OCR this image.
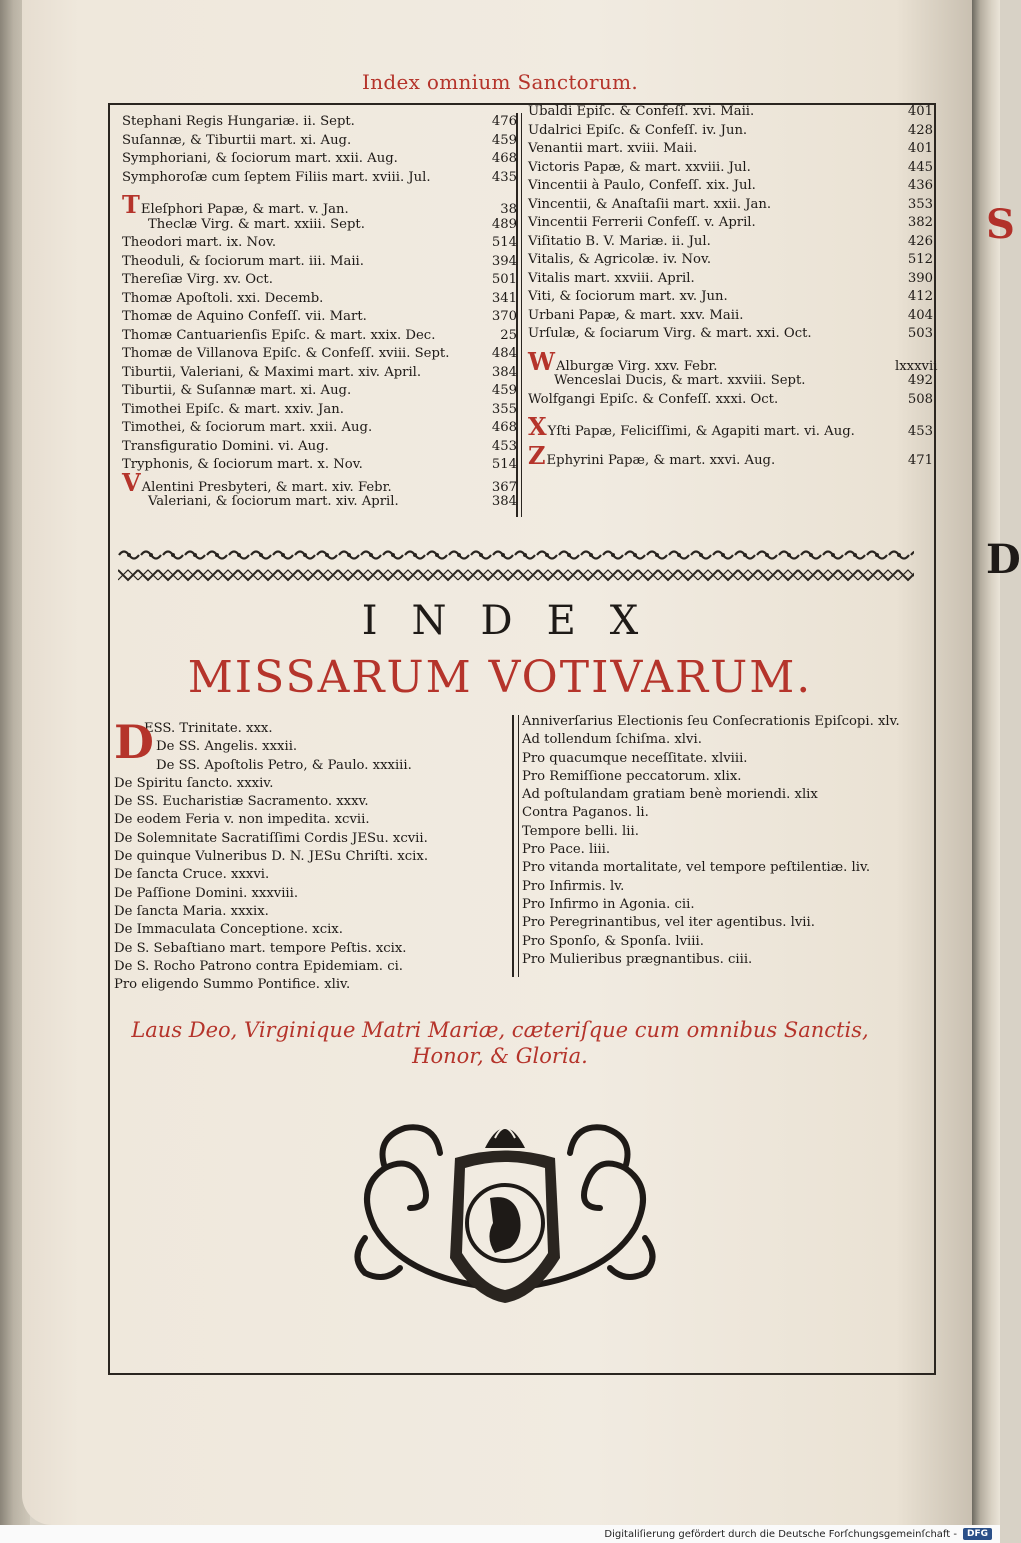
S
D
Index omnium Sanctorum.
Stephani Regis Hungariæ. ii. Sept.	476
Suſannæ, & Tiburtii mart. xi. Aug.	459
Symphoriani, & ſociorum mart. xxii. Aug.	468
Symphoroſæ cum ſeptem Filiis mart. xviii. Jul.	435
TEleſphori Papæ, & mart. v. Jan.	38
Theclæ Virg. & mart. xxiii. Sept.	489
Theodori mart. ix. Nov.	514
Theoduli, & ſociorum mart. iii. Maii.	394
Thereſiæ Virg. xv. Oct.	501
Thomæ Apoſtoli. xxi. Decemb.	341
Thomæ de Aquino Confeſſ. vii. Mart.	370
Thomæ Cantuarienſis Epiſc. & mart. xxix. Dec.	25
Thomæ de Villanova Epiſc. & Confeſſ. xviii. Sept.	484
Tiburtii, Valeriani, & Maximi mart. xiv. April.	384
Tiburtii, & Suſannæ mart. xi. Aug.	459
Timothei Epiſc. & mart. xxiv. Jan.	355
Timothei, & ſociorum mart. xxii. Aug.	468
Transfiguratio Domini. vi. Aug.	453
Tryphonis, & ſociorum mart. x. Nov.	514
VAlentini Presbyteri, & mart. xiv. Febr.	367
Valeriani, & ſociorum mart. xiv. April.	384
Ubaldi Epiſc. & Confeſſ. xvi. Maii.	401
Udalrici Epiſc. & Confeſſ. iv. Jun.	428
Venantii mart. xviii. Maii.	401
Victoris Papæ, & mart. xxviii. Jul.	445
Vincentii à Paulo, Confeſſ. xix. Jul.	436
Vincentii, & Anaſtaſii mart. xxii. Jan.	353
Vincentii Ferrerii Confeſſ. v. April.	382
Viſitatio B. V. Mariæ. ii. Jul.	426
Vitalis, & Agricolæ. iv. Nov.	512
Vitalis mart. xxviii. April.	390
Viti, & ſociorum mart. xv. Jun.	412
Urbani Papæ, & mart. xxv. Maii.	404
Urſulæ, & ſociarum Virg. & mart. xxi. Oct.	503
WAlburgæ Virg. xxv. Febr.	lxxxvii
Wenceslai Ducis, & mart. xxviii. Sept.	492
Wolfgangi Epiſc. & Confeſſ. xxxi. Oct.	508
XYſti Papæ, Feliciſſimi, & Agapiti mart. vi. Aug.	453
ZEphyrini Papæ, & mart. xxvi. Aug.	471
INDEX
MISSARUM VOTIVARUM.
D
ESS. Trinitate. xxx.
De SS. Angelis. xxxii.
De SS. Apoſtolis Petro, & Paulo. xxxiii.
De Spiritu ſancto. xxxiv.
De SS. Eucharistiæ Sacramento. xxxv.
De eodem Feria v. non impedita. xcvii.
De Solemnitate Sacratiſſimi Cordis JESu. xcvii.
De quinque Vulneribus D. N. JESu Chriſti. xcix.
De ſancta Cruce. xxxvi.
De Paſſione Domini. xxxviii.
De ſancta Maria. xxxix.
De Immaculata Conceptione. xcix.
De S. Sebaſtiano mart. tempore Peſtis. xcix.
De S. Rocho Patrono contra Epidemiam. ci.
Pro eligendo Summo Pontifice. xliv.
Anniverſarius Electionis ſeu Conſecrationis Epiſcopi. xlv.
Ad tollendum ſchiſma. xlvi.
Pro quacumque neceſſitate. xlviii.
Pro Remiſſione peccatorum. xlix.
Ad poſtulandam gratiam benè moriendi. xlix
Contra Paganos. li.
Tempore belli. lii.
Pro Pace. liii.
Pro vitanda mortalitate, vel tempore peſtilentiæ. liv.
Pro Infirmis. lv.
Pro Infirmo in Agonia. cii.
Pro Peregrinantibus, vel iter agentibus. lvii.
Pro Sponſo, & Sponſa. lviii.
Pro Mulieribus prægnantibus. ciii.
Laus Deo, Virginique Matri Mariæ, cæteriſque cum omnibus Sanctis,
Honor, & Gloria.
Digitaliſierung gefördert durch die Deutsche Forſchungsgemeinſchaft -	DFG
